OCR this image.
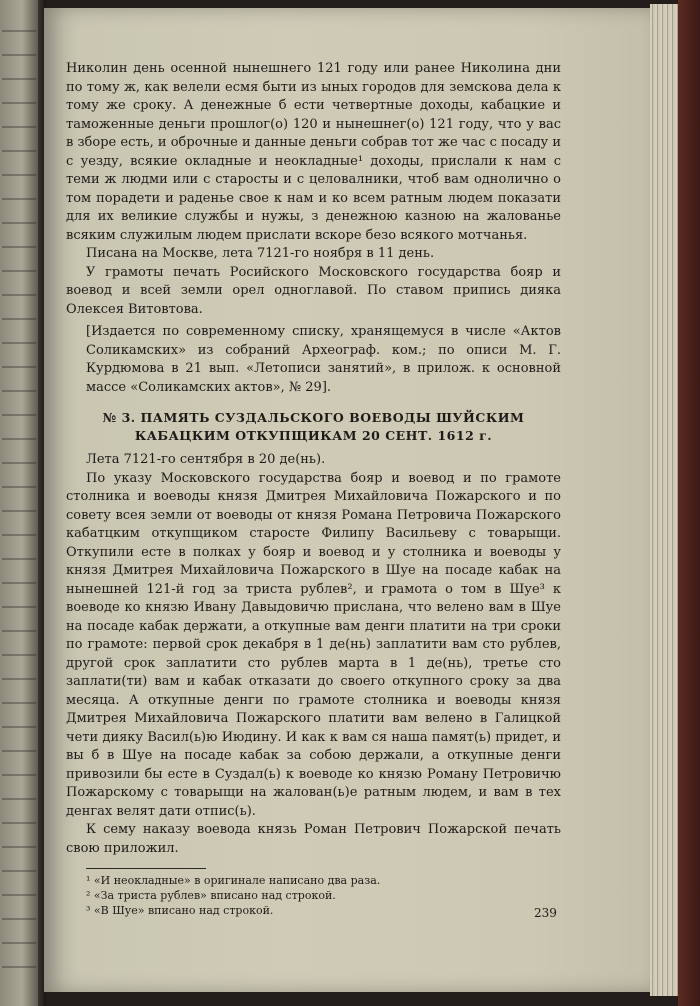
Николин день осенной нынешнего 121 году или ранее Николина дни по тому ж, как велели есмя быти из ыных городов для земскова дела к тому же сроку. А денежные б ести четвертные доходы, кабацкие и таможенные деньги прошлог(о) 120 и нынешнег(о) 121 году, что у вас в зборе есть, и оброчные и данные деньги собрав тот же час с посаду и с уезду, всякие окладные и неокладные¹ доходы, прислали к нам с теми ж людми или с старосты и с целовалники, чтоб вам однолично о том порадети и раденье свое к нам и ко всем ратным людем показати для их великие службы и нужы, з денежною казною на жалованье всяким служилым людем прислати вскоре безо всякого мотчанья.

Писана на Москве, лета 7121-го ноября в 11 день.

У грамоты печать Росийского Московского государства бояр и воевод и всей земли орел одноглавой. По ставом припись дияка Олексея Витовтова.

[Издается по современному списку, хранящемуся в числе «Актов Соликамских» из собраний Археограф. ком.; по описи М. Г. Курдюмова в 21 вып. «Летописи занятий», в прилож. к основной массе «Соликамских актов», № 29].

№ 3. ПАМЯТЬ СУЗДАЛЬСКОГО ВОЕВОДЫ ШУЙСКИМ КАБАЦКИМ ОТКУПЩИКАМ 20 СЕНТ. 1612 г.

Лета 7121-го сентября в 20 де(нь).

По указу Московского государства бояр и воевод и по грамоте столника и воеводы князя Дмитрея Михайловича Пожарского и по совету всея земли от воеводы от князя Романа Петровича Пожарского кабатцким откупщиком старосте Филипу Васильеву с товарыщи. Откупили есте в полках у бояр и воевод и у столника и воеводы у князя Дмитрея Михайловича Пожарского в Шуе на посаде кабак на нынешней 121-й год за триста рублев², и грамота о том в Шуе³ к воеводе ко князю Ивану Давыдовичю прислана, что велено вам в Шуе на посаде кабак держати, а откупные вам денги платити на три сроки по грамоте: первой срок декабря в 1 де(нь) заплатити вам сто рублев, другой срок заплатити сто рублев марта в 1 де(нь), третье сто заплати(ти) вам и кабак отказати до своего откупного сроку за два месяца. А откупные денги по грамоте столника и воеводы князя Дмитрея Михайловича Пожарского платити вам велено в Галицкой чети дияку Васил(ь)ю Июдину. И как к вам ся наша памят(ь) придет, и вы б в Шуе на посаде кабак за собою держали, а откупные денги привозили бы есте в Суздал(ь) к воеводе ко князю Роману Петровичю Пожарскому с товарыщи на жалован(ь)е ратным людем, и вам в тех денгах велят дати отпис(ь).

К сему наказу воевода князь Роман Петрович Пожарской печать свою приложил.

¹ «И неокладные» в оригинале написано два раза.
² «За триста рублев» вписано над строкой.
³ «В Шуе» вписано над строкой.	239
